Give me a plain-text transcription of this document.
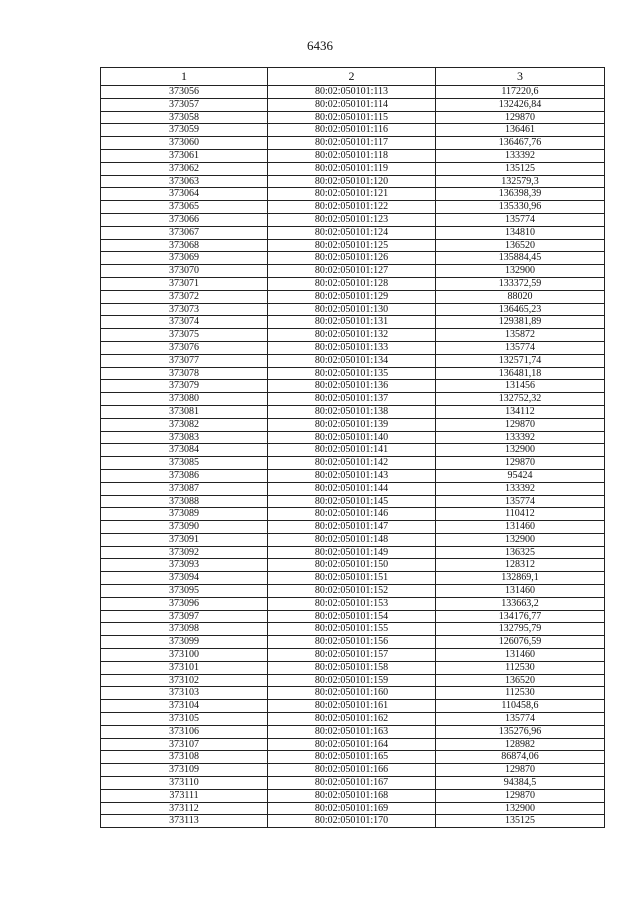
6436
1	2	3
373056	80:02:050101:113	117220,6
373057	80:02:050101:114	132426,84
373058	80:02:050101:115	129870
373059	80:02:050101:116	136461
373060	80:02:050101:117	136467,76
373061	80:02:050101:118	133392
373062	80:02:050101:119	135125
373063	80:02:050101:120	132579,3
373064	80:02:050101:121	136398,39
373065	80:02:050101:122	135330,96
373066	80:02:050101:123	135774
373067	80:02:050101:124	134810
373068	80:02:050101:125	136520
373069	80:02:050101:126	135884,45
373070	80:02:050101:127	132900
373071	80:02:050101:128	133372,59
373072	80:02:050101:129	88020
373073	80:02:050101:130	136465,23
373074	80:02:050101:131	129381,89
373075	80:02:050101:132	135872
373076	80:02:050101:133	135774
373077	80:02:050101:134	132571,74
373078	80:02:050101:135	136481,18
373079	80:02:050101:136	131456
373080	80:02:050101:137	132752,32
373081	80:02:050101:138	134112
373082	80:02:050101:139	129870
373083	80:02:050101:140	133392
373084	80:02:050101:141	132900
373085	80:02:050101:142	129870
373086	80:02:050101:143	95424
373087	80:02:050101:144	133392
373088	80:02:050101:145	135774
373089	80:02:050101:146	110412
373090	80:02:050101:147	131460
373091	80:02:050101:148	132900
373092	80:02:050101:149	136325
373093	80:02:050101:150	128312
373094	80:02:050101:151	132869,1
373095	80:02:050101:152	131460
373096	80:02:050101:153	133663,2
373097	80:02:050101:154	134176,77
373098	80:02:050101:155	132795,79
373099	80:02:050101:156	126076,59
373100	80:02:050101:157	131460
373101	80:02:050101:158	112530
373102	80:02:050101:159	136520
373103	80:02:050101:160	112530
373104	80:02:050101:161	110458,6
373105	80:02:050101:162	135774
373106	80:02:050101:163	135276,96
373107	80:02:050101:164	128982
373108	80:02:050101:165	86874,06
373109	80:02:050101:166	129870
373110	80:02:050101:167	94384,5
373111	80:02:050101:168	129870
373112	80:02:050101:169	132900
373113	80:02:050101:170	135125
